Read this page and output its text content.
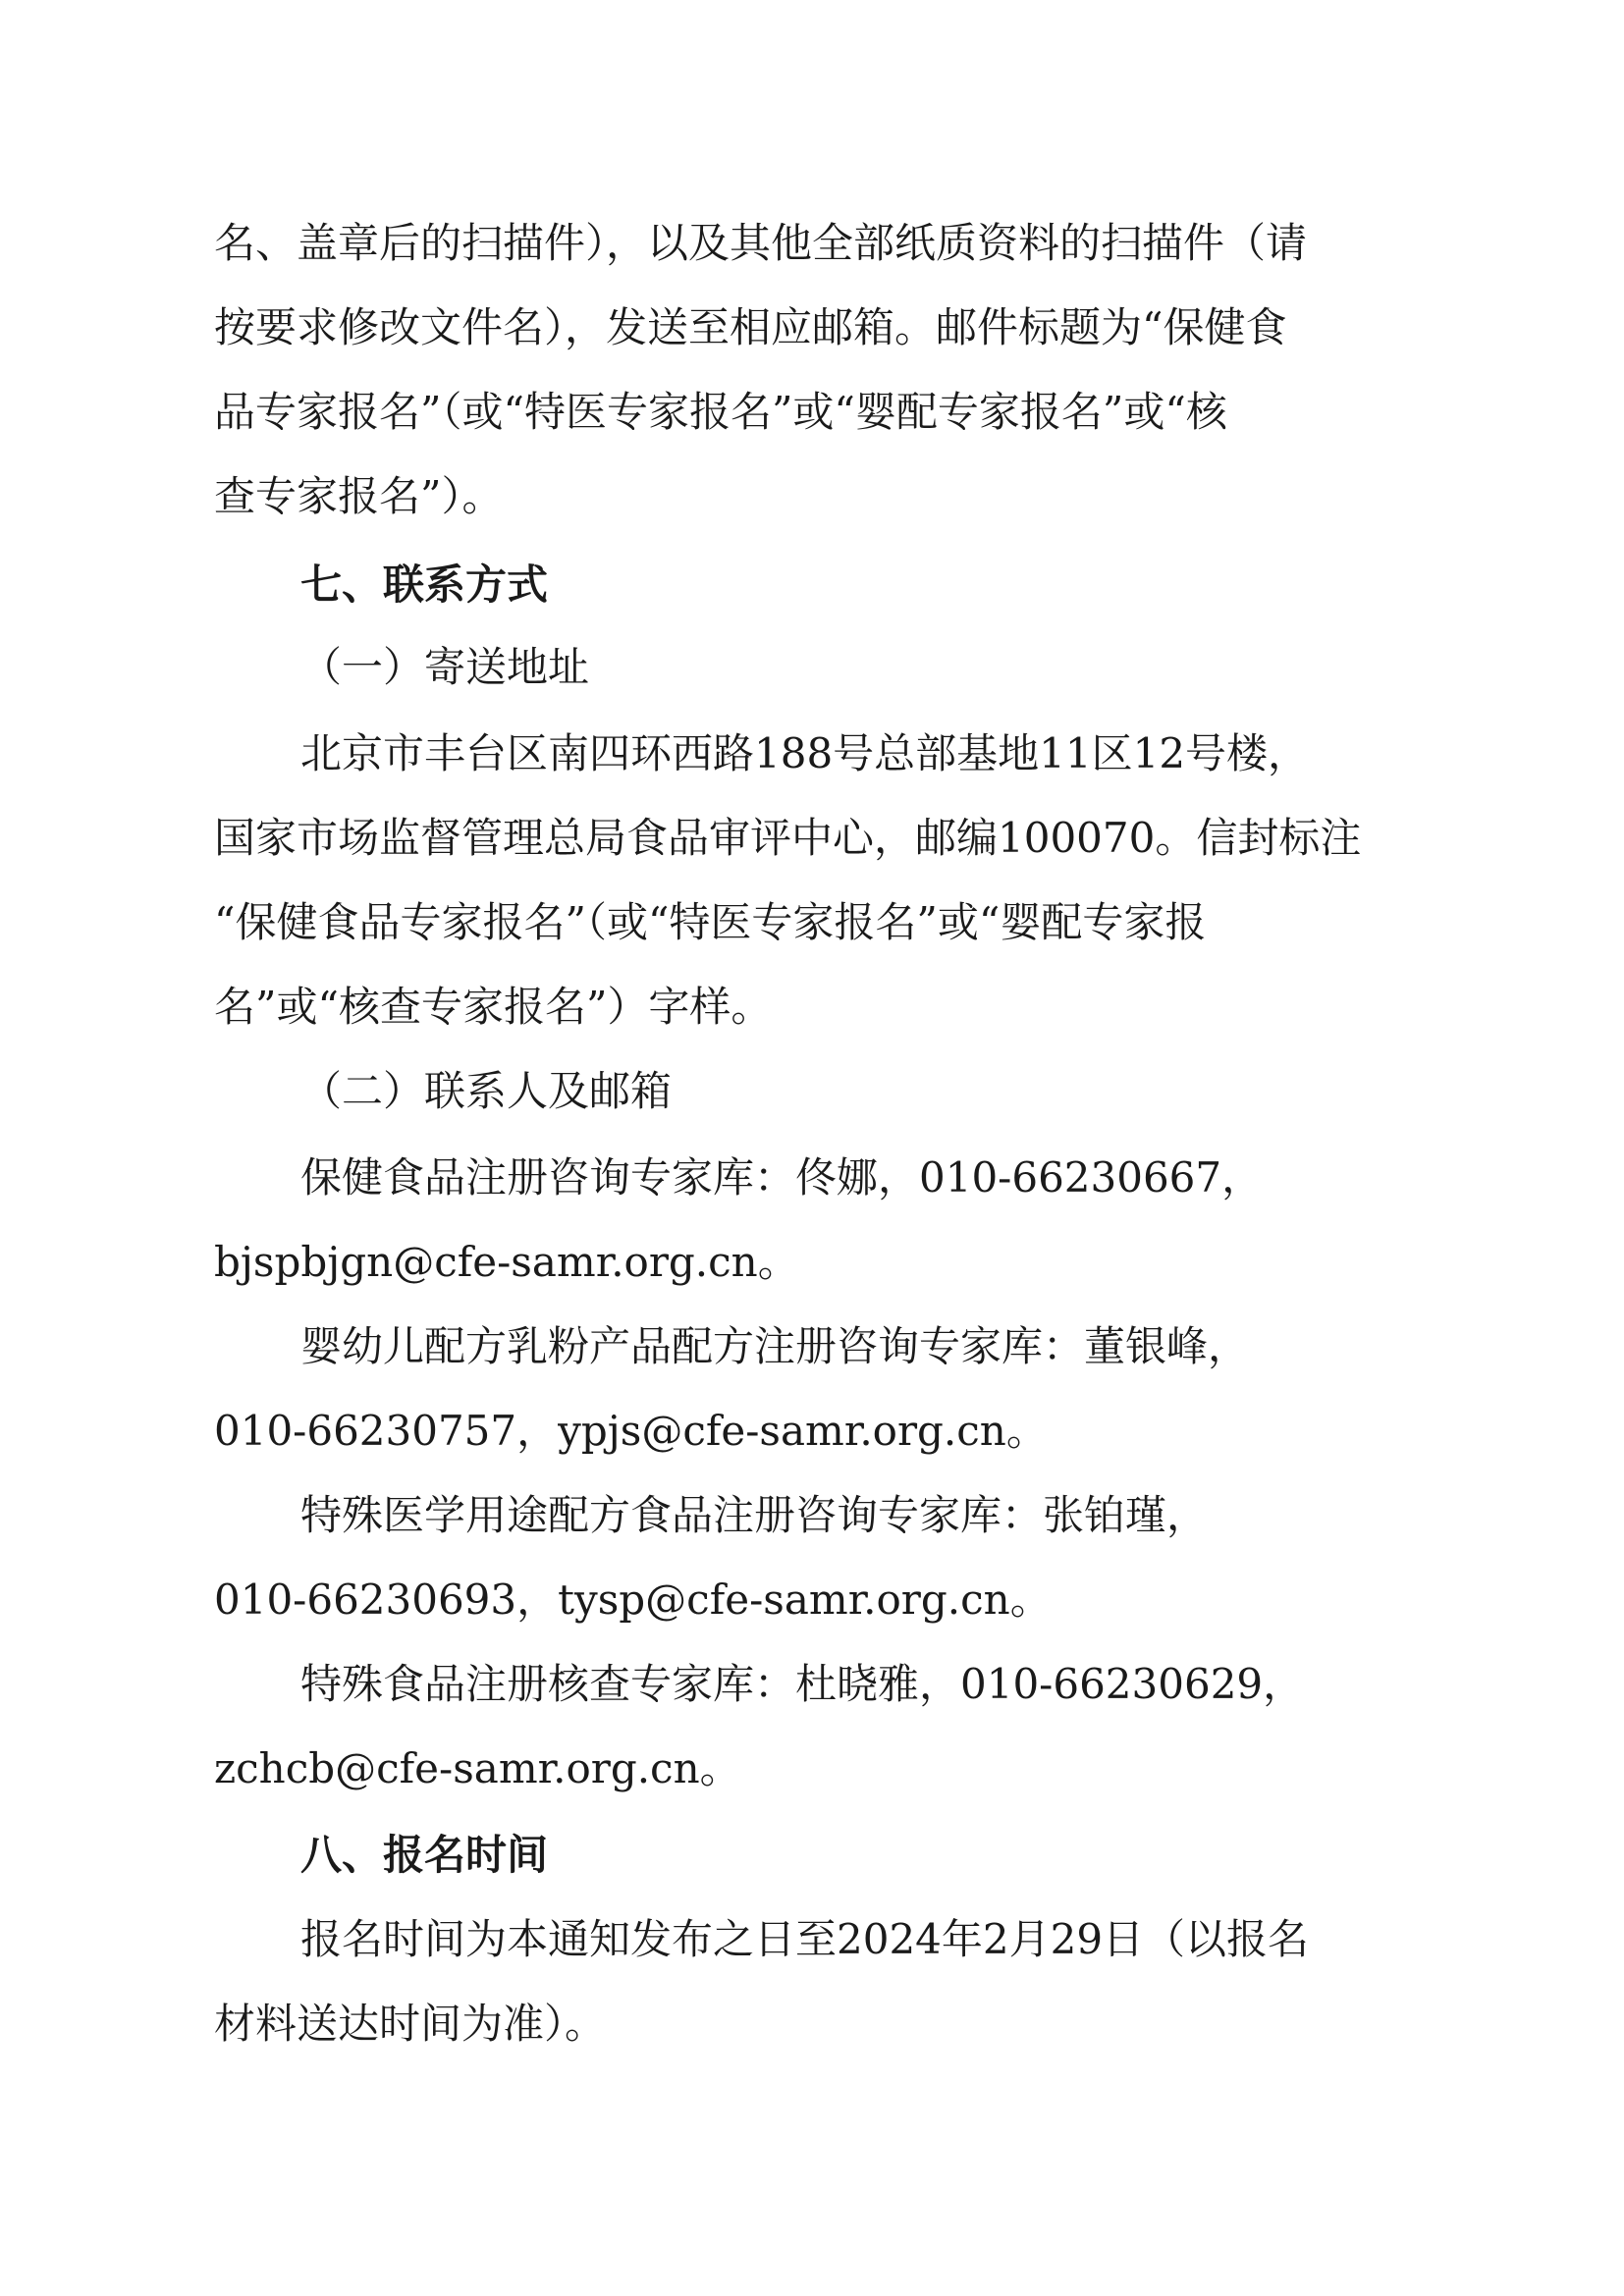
名、盖章后的扫描件），以及其他全部纸质资料的扫描件（请
按要求修改文件名），发送至相应邮箱。邮件标题为“保健食
品专家报名”（或“特医专家报名”或“婴配专家报名”或“核
查专家报名”）。
七、联系方式
（一）寄送地址
北京市丰台区南四环西路188号总部基地11区12号楼，
国家市场监督管理总局食品审评中心，邮编100070。信封标注
“保健食品专家报名”（或“特医专家报名”或“婴配专家报
名”或“核查专家报名”）字样。
（二）联系人及邮箱
保健食品注册咨询专家库：佟娜，010-66230667，
bjspbjgn@cfe-samr.org.cn。
婴幼儿配方乳粉产品配方注册咨询专家库：董银峰，
010-66230757，ypjs@cfe-samr.org.cn。
特殊医学用途配方食品注册咨询专家库：张铂瑾，
010-66230693，tysp@cfe-samr.org.cn。
特殊食品注册核查专家库：杜晓雅，010-66230629，
zchcb@cfe-samr.org.cn。
八、报名时间
报名时间为本通知发布之日至2024年2月29日（以报名
材料送达时间为准）。
